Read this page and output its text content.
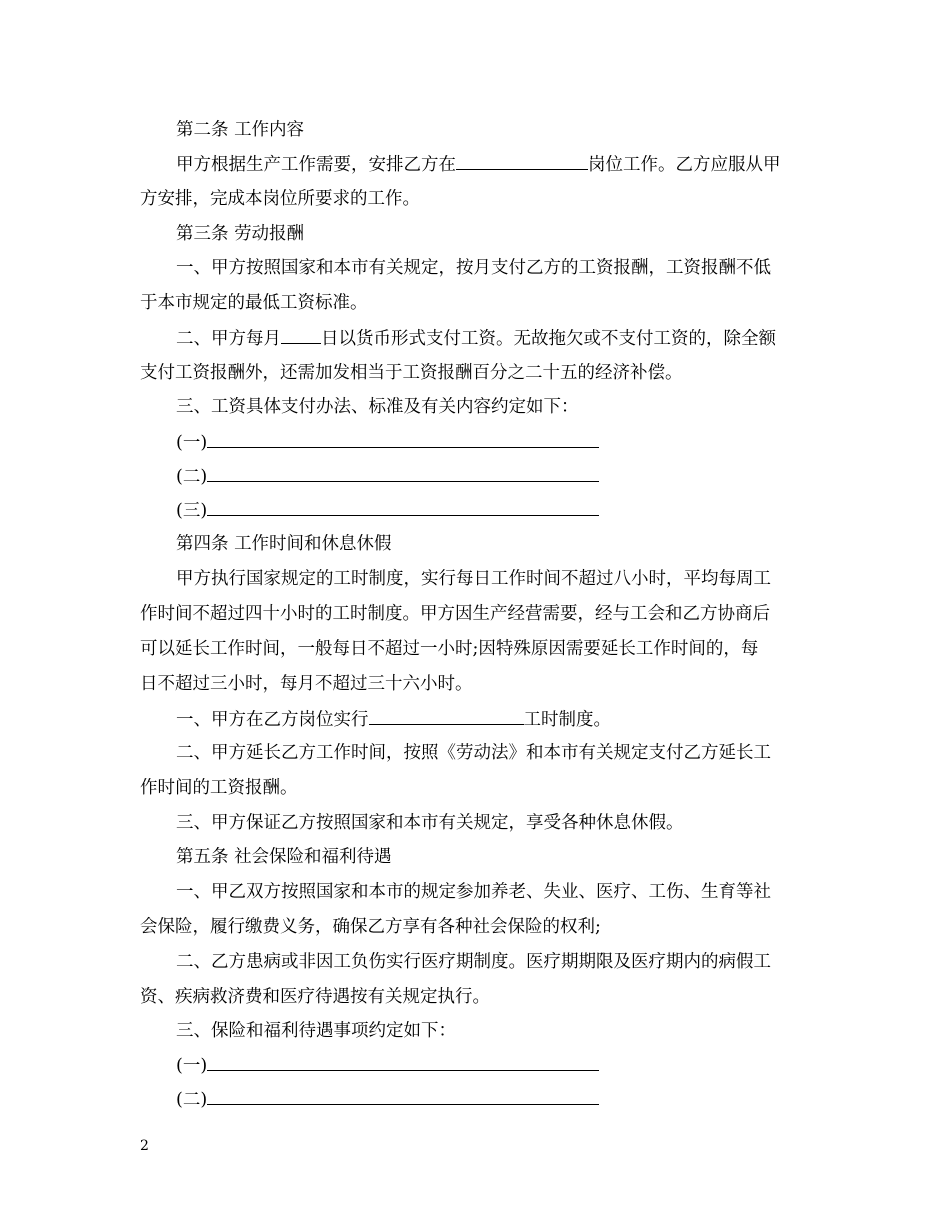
第二条 工作内容
甲方根据生产工作需要，安排乙方在	岗位工作。乙方应服从甲
方安排，完成本岗位所要求的工作。
第三条 劳动报酬
一、甲方按照国家和本市有关规定，按月支付乙方的工资报酬，工资报酬不低
于本市规定的最低工资标准。
二、甲方每月 日以货币形式支付工资。无故拖欠或不支付工资的，除全额
支付工资报酬外，还需加发相当于工资报酬百分之二十五的经济补偿。
三、工资具体支付办法、标准及有关内容约定如下：
(一)
(二)
(三)
第四条 工作时间和休息休假
甲方执行国家规定的工时制度，实行每日工作时间不超过八小时，平均每周工
作时间不超过四十小时的工时制度。甲方因生产经营需要，经与工会和乙方协商后
可以延长工作时间，一般每日不超过一小时;因特殊原因需要延长工作时间的，每
日不超过三小时，每月不超过三十六小时。
一、甲方在乙方岗位实行	工时制度。
二、甲方延长乙方工作时间，按照《劳动法》和本市有关规定支付乙方延长工
作时间的工资报酬。
三、甲方保证乙方按照国家和本市有关规定，享受各种休息休假。
第五条 社会保险和福利待遇
一、甲乙双方按照国家和本市的规定参加养老、失业、医疗、工伤、生育等社
会保险，履行缴费义务，确保乙方享有各种社会保险的权利;
二、乙方患病或非因工负伤实行医疗期制度。医疗期期限及医疗期内的病假工
资、疾病救济费和医疗待遇按有关规定执行。
三、保险和福利待遇事项约定如下：
(一)
(二)
2
